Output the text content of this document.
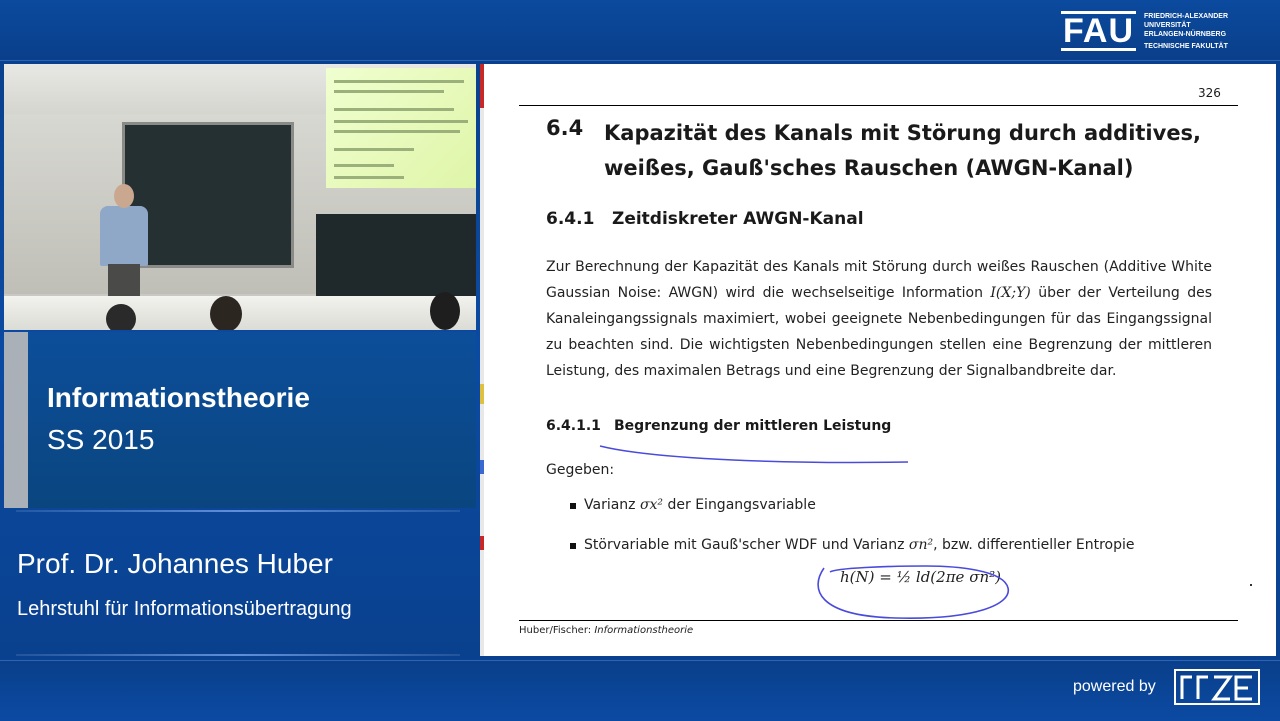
FAU FRIEDRICH-ALEXANDER
UNIVERSITÄT
ERLANGEN-NÜRNBERG
TECHNISCHE FAKULTÄT
Informationstheorie
SS 2015
Prof. Dr. Johannes Huber
Lehrstuhl für Informationsübertragung
326
6.4 Kapazität des Kanals mit Störung durch additives, weißes, Gauß'sches Rauschen (AWGN-Kanal)
6.4.1 Zeitdiskreter AWGN-Kanal
Zur Berechnung der Kapazität des Kanals mit Störung durch weißes Rauschen (Additive White Gaussian Noise: AWGN) wird die wechselseitige Information I(X;Y) über der Verteilung des Kanaleingangssignals maximiert, wobei geeignete Nebenbedingungen für das Eingangssignal zu beachten sind. Die wichtigsten Nebenbedingungen stellen eine Begrenzung der mittleren Leistung, des maximalen Betrags und eine Begrenzung der Signalbandbreite dar.
6.4.1.1 Begrenzung der mittleren Leistung
Gegeben:
Varianz σx² der Eingangsvariable
Störvariable mit Gauß'scher WDF und Varianz σn², bzw. differentieller Entropie
h(N) = ½ ld(2πe σn²)
Huber/Fischer: Informationstheorie
powered by
